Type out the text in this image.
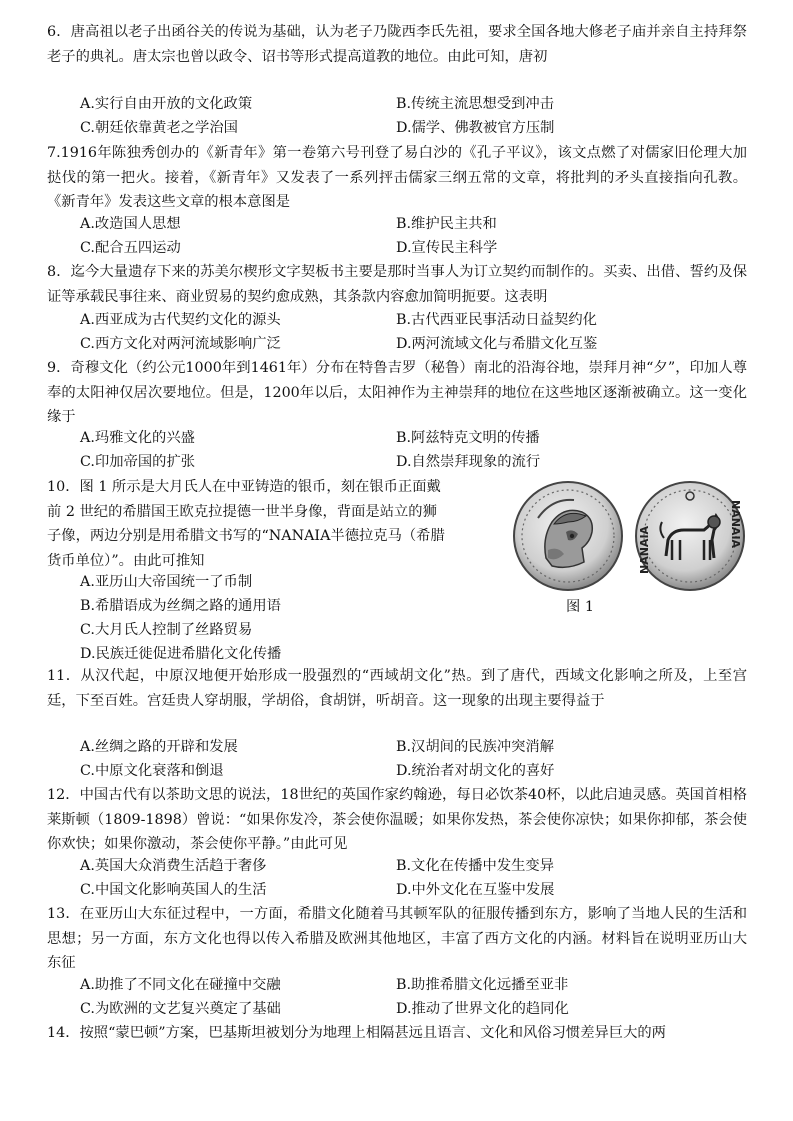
6．唐高祖以老子出函谷关的传说为基础，认为老子乃陇西李氏先祖，要求全国各地大修老子庙并亲自主持拜祭老子的典礼。唐太宗也曾以政令、诏书等形式提高道教的地位。由此可知，唐初

A.实行自由开放的文化政策	B.传统主流思想受到冲击
C.朝廷依靠黄老之学治国	D.儒学、佛教被官方压制

7.1916年陈独秀创办的《新青年》第一卷第六号刊登了易白沙的《孔子平议》，该文点燃了对儒家旧伦理大加挞伐的第一把火。接着，《新青年》又发表了一系列抨击儒家三纲五常的文章，将批判的矛头直接指向孔教。《新青年》发表这些文章的根本意图是

A.改造国人思想	B.维护民主共和
C.配合五四运动	D.宣传民主科学

8．迄今大量遗存下来的苏美尔楔形文字契板书主要是那时当事人为订立契约而制作的。买卖、出借、誓约及保证等承载民事往来、商业贸易的契约愈成熟，其条款内容愈加简明扼要。这表明

A.西亚成为古代契约文化的源头	B.古代西亚民事活动日益契约化
C.西方文化对两河流域影响广泛	D.两河流域文化与希腊文化互鉴

9．奇穆文化（约公元1000年到1461年）分布在特鲁吉罗（秘鲁）南北的沿海谷地，崇拜月神“夕”，印加人尊奉的太阳神仅居次要地位。但是，1200年以后，太阳神作为主神崇拜的地位在这些地区逐渐被确立。这一变化缘于

A.玛雅文化的兴盛	B.阿兹特克文明的传播
C.印加帝国的扩张	D.自然崇拜现象的流行
10．图 1 所示是大月氏人在中亚铸造的银币，刻在银币正面戴
前 2 世纪的希腊国王欧克拉提德一世半身像，背面是站立的狮
子像，两边分别是用希腊文书写的“NANAIA半德拉克马（希腊
货币单位）”。由此可推知
A.亚历山大帝国统一了币制
B.希腊语成为丝绸之路的通用语
C.大月氏人控制了丝路贸易
D.民族迁徙促进希腊化文化传播
NANAIA
NANAIA
图 1

11．从汉代起，中原汉地便开始形成一股强烈的“西域胡文化”热。到了唐代，西域文化影响之所及，上至宫廷，下至百姓。宫廷贵人穿胡服，学胡俗，食胡饼，听胡音。这一现象的出现主要得益于

A.丝绸之路的开辟和发展	B.汉胡间的民族冲突消解
C.中原文化衰落和倒退	D.统治者对胡文化的喜好

12．中国古代有以茶助文思的说法，18世纪的英国作家约翰逊，每日必饮茶40杯，以此启迪灵感。英国首相格莱斯顿（1809-1898）曾说：“如果你发冷，茶会使你温暖；如果你发热，茶会使你凉快；如果你抑郁，茶会使你欢快；如果你激动，茶会使你平静。”由此可见

A.英国大众消费生活趋于奢侈	B.文化在传播中发生变异
C.中国文化影响英国人的生活	D.中外文化在互鉴中发展

13．在亚历山大东征过程中，一方面，希腊文化随着马其顿军队的征服传播到东方，影响了当地人民的生活和思想；另一方面，东方文化也得以传入希腊及欧洲其他地区，丰富了西方文化的内涵。材料旨在说明亚历山大东征

A.助推了不同文化在碰撞中交融	B.助推希腊文化远播至亚非
C.为欧洲的文艺复兴奠定了基础	D.推动了世界文化的趋同化

14．按照“蒙巴顿”方案，巴基斯坦被划分为地理上相隔甚远且语言、文化和风俗习惯差异巨大的两
